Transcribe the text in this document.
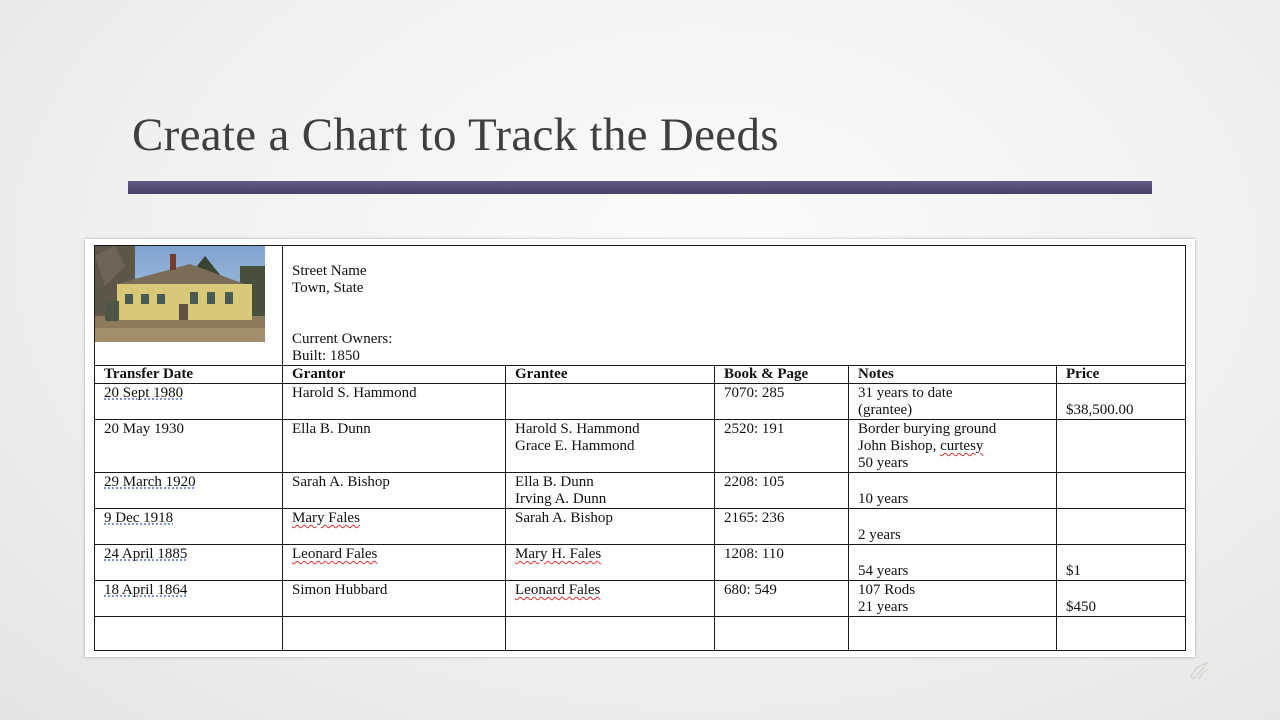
Create a Chart to Track the Deeds

Street Name
Town, State
Current Owners:
Built: 1850				

Transfer Date	Grantor	Grantee	Book & Page	Notes	Price

20 Sept 1980	Harold S. Hammond		7070: 285	31 years to date
(grantee)	$38,500.00

20 May 1930	Ella B. Dunn	Harold S. Hammond
Grace E. Hammond	2520: 191	Border burying ground
John Bishop, curtesy
50 years	

29 March 1920	Sarah A. Bishop	Ella B. Dunn
Irving A. Dunn	2208: 105	10 years	

9 Dec 1918	Mary Fales	Sarah A. Bishop	2165: 236	2 years	

24 April 1885	Leonard Fales	Mary H. Fales	1208: 110	54 years	$1

18 April 1864	Simon Hubbard	Leonard Fales	680: 549	107 Rods
21 years	$450
